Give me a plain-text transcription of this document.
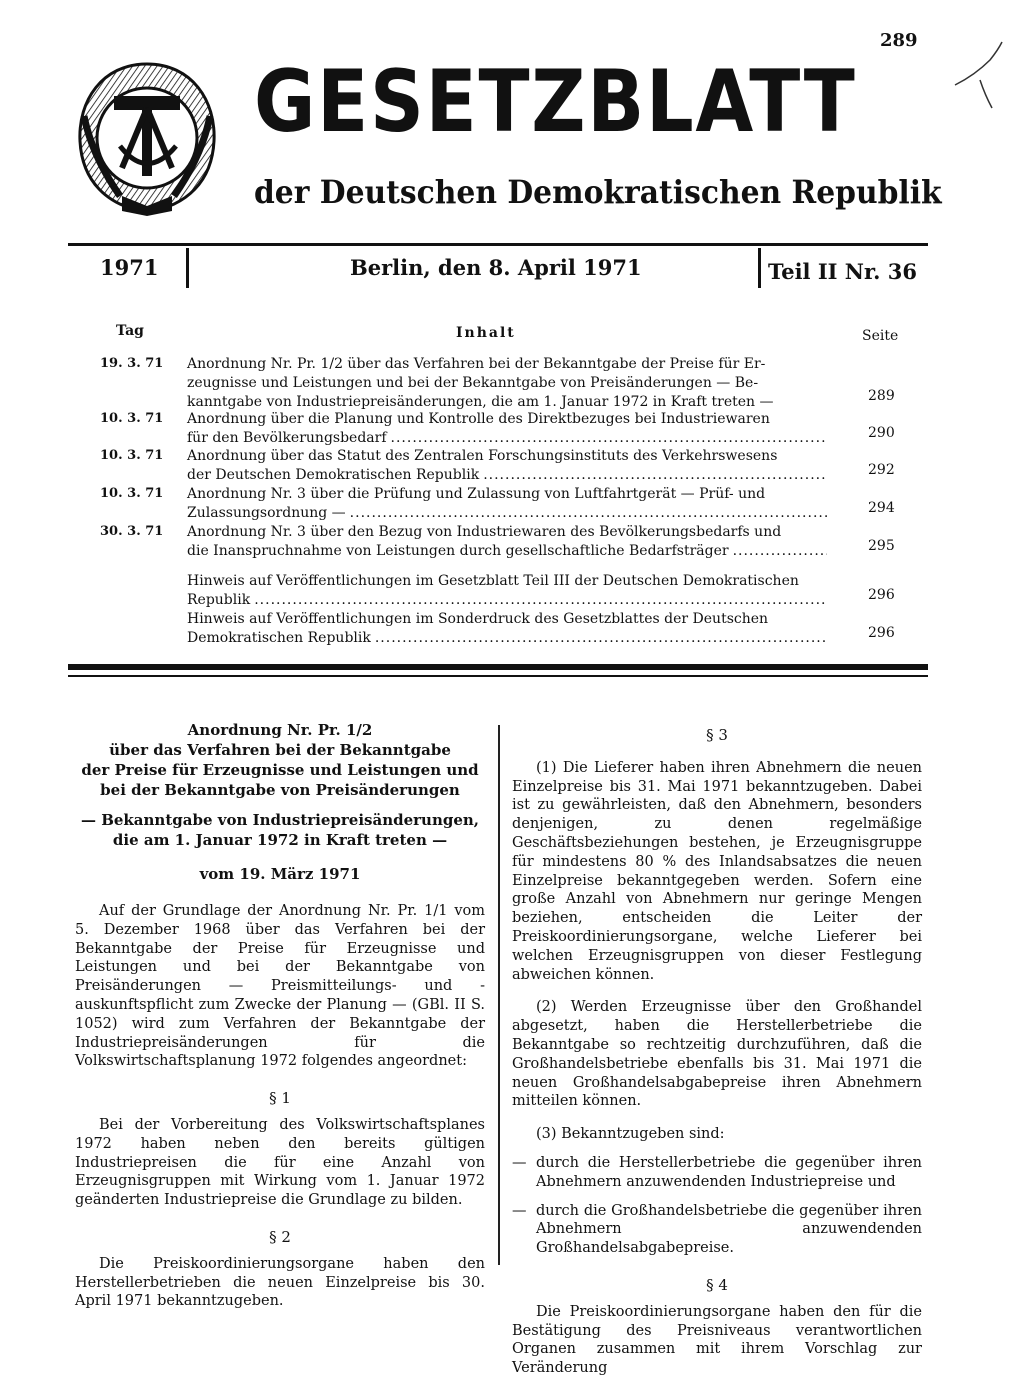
289
GESETZBLATT
der Deutschen Demokratischen Republik
1971	Berlin, den 8. April 1971	Teil II Nr. 36
Tag	Inhalt	Seite
19. 3. 71 Anordnung Nr. Pr. 1/2 über das Verfahren bei der Bekanntgabe der Preise für Er-
zeugnisse und Leistungen und bei der Bekanntgabe von Preisänderungen — Be-
kanntgabe von Industriepreisänderungen, die am 1. Januar 1972 in Kraft treten —	289
10. 3. 71 Anordnung über die Planung und Kontrolle des Direktbezuges bei Industriewaren
für den Bevölkerungsbedarf .....	290
10. 3. 71 Anordnung über das Statut des Zentralen Forschungsinstituts des Verkehrswesens
der Deutschen Demokratischen Republik .....	292
10. 3. 71 Anordnung Nr. 3 über die Prüfung und Zulassung von Luftfahrtgerät — Prüf- und
Zulassungsordnung — .....	294
30. 3. 71 Anordnung Nr. 3 über den Bezug von Industriewaren des Bevölkerungsbedarfs und
die Inanspruchnahme von Leistungen durch gesellschaftliche Bedarfsträger .....	295
Hinweis auf Veröffentlichungen im Gesetzblatt Teil III der Deutschen Demokratischen
Republik .....	296
Hinweis auf Veröffentlichungen im Sonderdruck des Gesetzblattes der Deutschen
Demokratischen Republik .....	296

Anordnung Nr. Pr. 1/2

über das Verfahren bei der Bekanntgabe

der Preise für Erzeugnisse und Leistungen und

bei der Bekanntgabe von Preisänderungen

— Bekanntgabe von Industriepreisänderungen,

die am 1. Januar 1972 in Kraft treten —

vom 19. März 1971

Auf der Grundlage der Anordnung Nr. Pr. 1/1 vom 5. Dezember 1968 über das Verfahren bei der Bekanntgabe der Preise für Erzeugnisse und Leistungen und bei der Bekanntgabe von Preisänderungen — Preismitteilungs- und -auskunftspflicht zum Zwecke der Planung — (GBl. II S. 1052) wird zum Verfahren der Bekanntgabe der Industriepreisänderungen für die Volkswirtschaftsplanung 1972 folgendes angeordnet:

§ 1

Bei der Vorbereitung des Volkswirtschaftsplanes 1972 haben neben den bereits gültigen Industriepreisen die für eine Anzahl von Erzeugnisgruppen mit Wirkung vom 1. Januar 1972 geänderten Industriepreise die Grundlage zu bilden.

§ 2

Die Preiskoordinierungsorgane haben den Herstellerbetrieben die neuen Einzelpreise bis 30. April 1971 bekanntzugeben.

§ 3

(1) Die Lieferer haben ihren Abnehmern die neuen Einzelpreise bis 31. Mai 1971 bekanntzugeben. Dabei ist zu gewährleisten, daß den Abnehmern, besonders denjenigen, zu denen regelmäßige Geschäftsbeziehungen bestehen, je Erzeugnisgruppe für mindestens 80 % des Inlandsabsatzes die neuen Einzelpreise bekanntgegeben werden. Sofern eine große Anzahl von Abnehmern nur geringe Mengen beziehen, entscheiden die Leiter der Preiskoordinierungsorgane, welche Lieferer bei welchen Erzeugnisgruppen von dieser Festlegung abweichen können.

(2) Werden Erzeugnisse über den Großhandel abgesetzt, haben die Herstellerbetriebe die Bekanntgabe so rechtzeitig durchzuführen, daß die Großhandelsbetriebe ebenfalls bis 31. Mai 1971 die neuen Großhandelsabgabepreise ihren Abnehmern mitteilen können.

(3) Bekanntzugeben sind:

— durch die Herstellerbetriebe die gegenüber ihren Abnehmern anzuwendenden Industriepreise und

— durch die Großhandelsbetriebe die gegenüber ihren Abnehmern anzuwendenden Großhandelsabgabepreise.

§ 4

Die Preiskoordinierungsorgane haben den für die Bestätigung des Preisniveaus verantwortlichen Organen zusammen mit ihrem Vorschlag zur Veränderung
